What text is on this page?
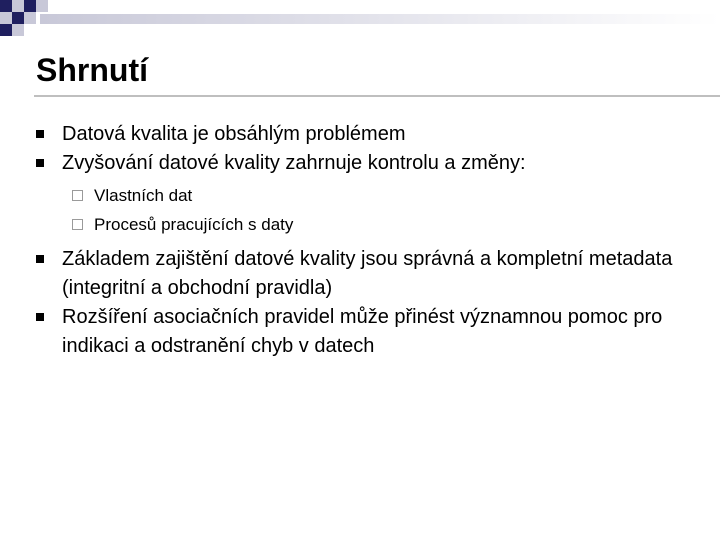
Shrnutí
Datová kvalita je obsáhlým problémem
Zvyšování datové kvality zahrnuje kontrolu a změny:
Vlastních dat
Procesů pracujících s daty
Základem zajištění datové kvality jsou správná a kompletní metadata (integritní a obchodní pravidla)
Rozšíření asociačních pravidel může přinést významnou pomoc pro indikaci a odstranění chyb v datech
